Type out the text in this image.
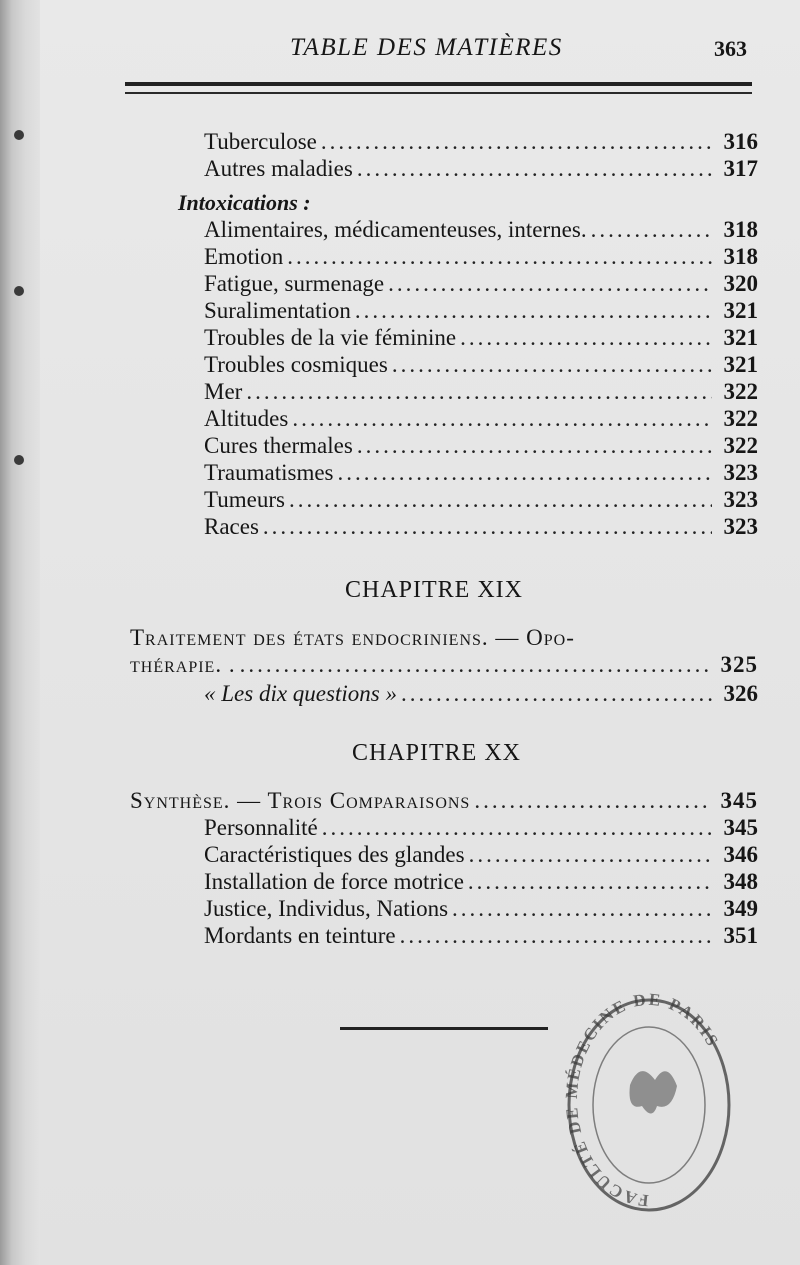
TABLE DES MATIÈRES	363
Tuberculose .....	316
Autres maladies .....	317
Intoxications :
Alimentaires, médicamenteuses, internes. .....	318
Emotion .....	318
Fatigue, surmenage .....	320
Suralimentation .....	321
Troubles de la vie féminine .....	321
Troubles cosmiques .....	321
Mer .....	322
Altitudes .....	322
Cures thermales .....	322
Traumatismes .....	323
Tumeurs .....	323
Races .....	323
CHAPITRE XIX
Traitement des états endocriniens. — Opo-
thérapie. . .....	325
« Les dix questions » .....	326
CHAPITRE XX
Synthèse. — Trois Comparaisons .....	345
Personnalité .....	345
Caractéristiques des glandes .....	346
Installation de force motrice .....	348
Justice, Individus, Nations .....	349
Mordants en teinture .....	351
FACULTÉ DE MÉDECINE DE PARIS
